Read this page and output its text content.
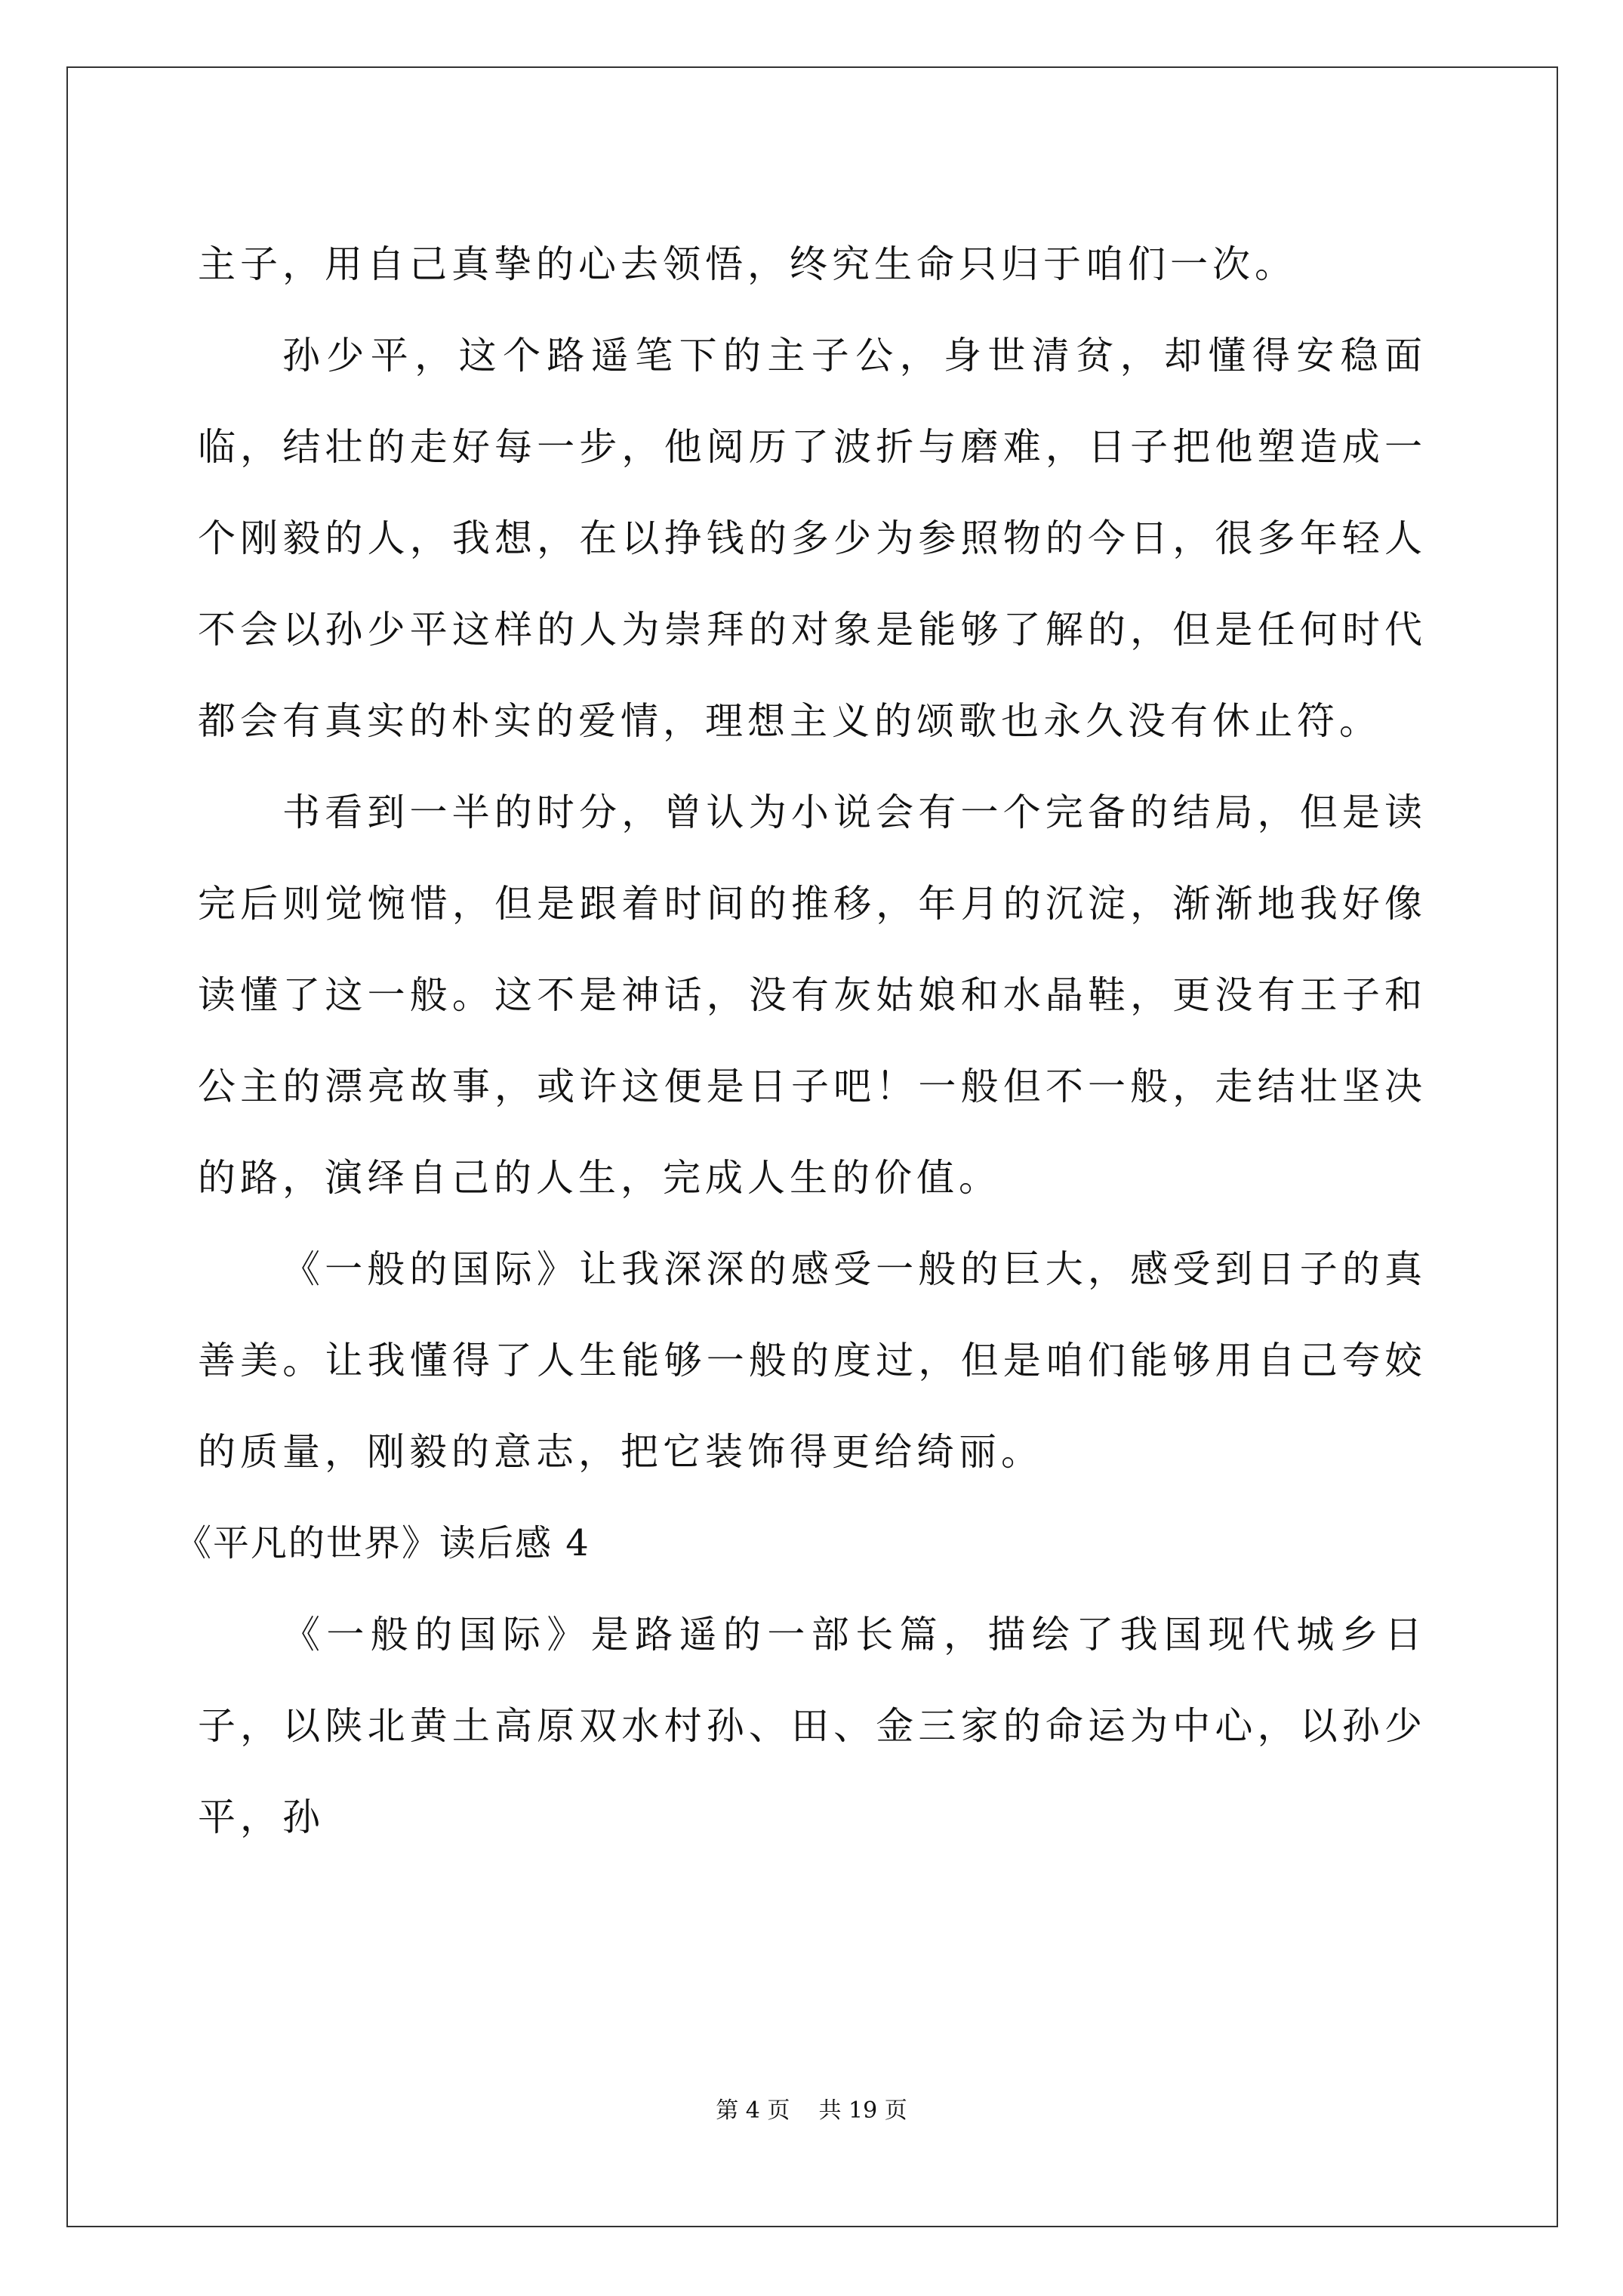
主子，用自己真挚的心去领悟，终究生命只归于咱们一次。

孙少平，这个路遥笔下的主子公，身世清贫，却懂得安稳面临，结壮的走好每一步，他阅历了波折与磨难，日子把他塑造成一个刚毅的人，我想，在以挣钱的多少为参照物的今日，很多年轻人不会以孙少平这样的人为崇拜的对象是能够了解的，但是任何时代都会有真实的朴实的爱情，理想主义的颂歌也永久没有休止符。

书看到一半的时分，曾认为小说会有一个完备的结局，但是读完后则觉惋惜，但是跟着时间的推移，年月的沉淀，渐渐地我好像读懂了这一般。这不是神话，没有灰姑娘和水晶鞋，更没有王子和公主的漂亮故事，或许这便是日子吧！一般但不一般，走结壮坚决的路，演绎自己的人生，完成人生的价值。

《一般的国际》让我深深的感受一般的巨大，感受到日子的真善美。让我懂得了人生能够一般的度过，但是咱们能够用自己夸姣的质量，刚毅的意志，把它装饰得更给绮丽。

《平凡的世界》读后感 4

《一般的国际》是路遥的一部长篇，描绘了我国现代城乡日子，以陕北黄土高原双水村孙、田、金三家的命运为中心，以孙少平，孙

第 4 页    共 19 页
